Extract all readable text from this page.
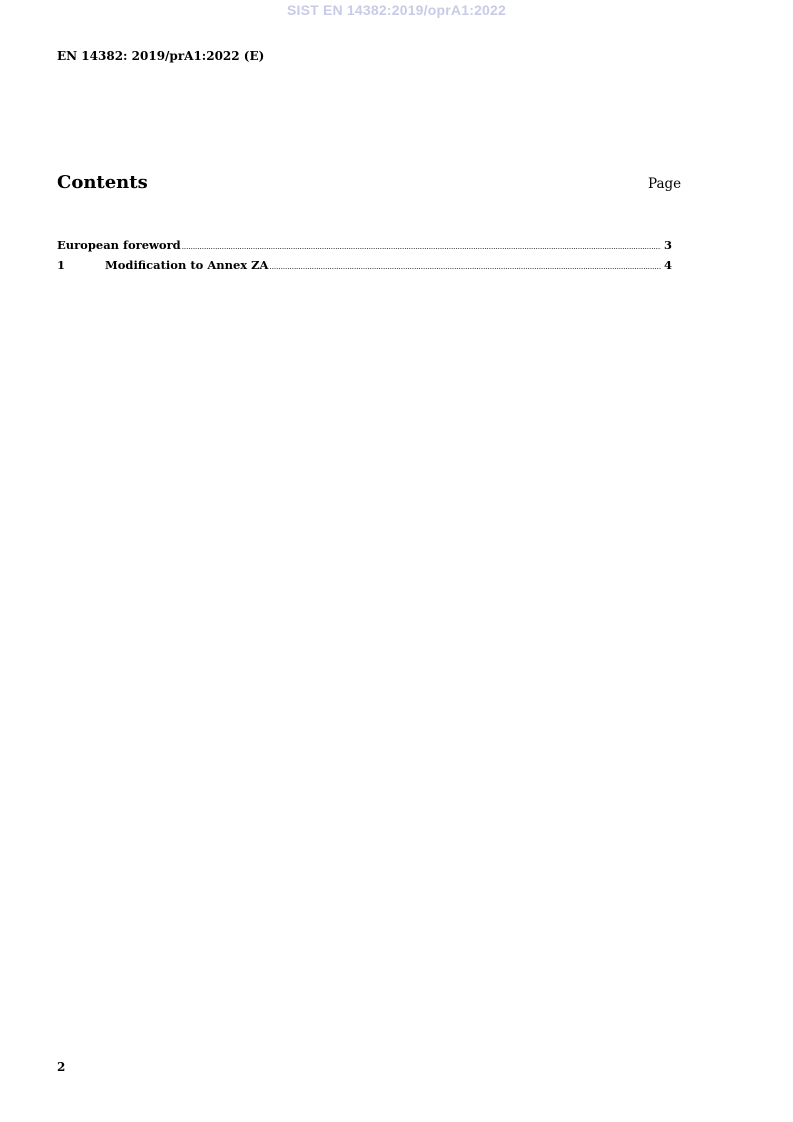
SIST EN 14382:2019/oprA1:2022
EN 14382: 2019/prA1:2022 (E)
Contents	Page
European foreword .....	3
1	Modification to Annex ZA .....	4
2
